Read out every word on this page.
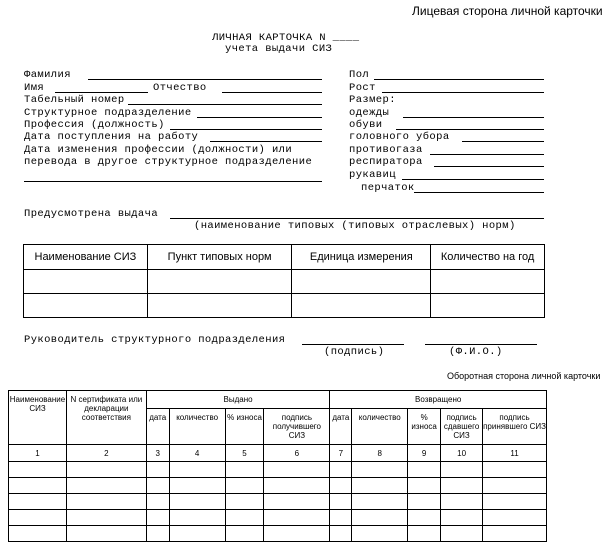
Лицевая сторона личной карточки
ЛИЧНАЯ КАРТОЧКА N ____
учета выдачи СИЗ
Фамилия
Имя	Отчество
Табельный номер
Структурное подразделение
Профессия (должность)
Дата поступления на работу
Дата изменения профессии (должности) или
перевода в другое структурное подразделение
Пол
Рост
Размер:
одежды
обуви
головного убора
противогаза
респиратора
рукавиц
перчаток
Предусмотрена выдача
(наименование типовых (типовых отраслевых) норм)
Наименование СИЗ	Пункт типовых норм	Единица измерения	Количество на год

Руководитель структурного подразделения
(подпись)	(Ф.И.О.)
Оборотная сторона личной карточки
Наименование СИЗ	N сертификата или декларации соответствия	Выдано				Возвращено				
		дата	количество	% износа	подпись получившего СИЗ	дата	количество	% износа	подпись сдавшего СИЗ	подпись принявшего СИЗ
1	2	3	4	5	6	7	8	9	10	11
